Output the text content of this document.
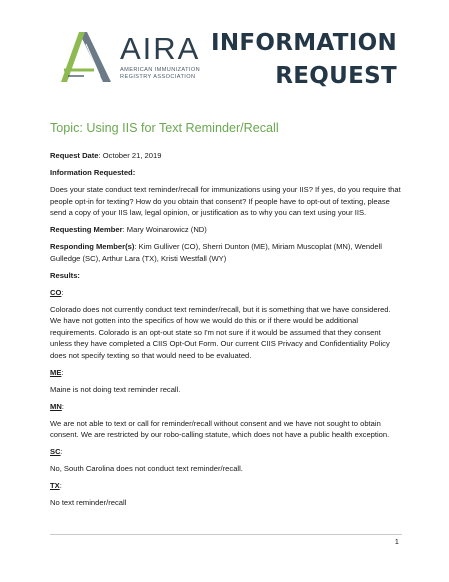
AIRA
AMERICAN IMMUNIZATION
REGISTRY ASSOCIATION
INFORMATION
REQUEST
Topic: Using IIS for Text Reminder/Recall

Request Date: October 21, 2019

Information Requested:

Does your state conduct text reminder/recall for immunizations using your IIS? If yes, do you require that people opt-in for texting? How do you obtain that consent? If people have to opt-out of texting, please send a copy of your IIS law, legal opinion, or justification as to why you can text using your IIS.

Requesting Member: Mary Woinarowicz (ND)

Responding Member(s): Kim Gulliver (CO), Sherri Dunton (ME), Miriam Muscoplat (MN), Wendell Gulledge (SC), Arthur Lara (TX), Kristi Westfall (WY)

Results:

CO:

Colorado does not currently conduct text reminder/recall, but it is something that we have considered. We have not gotten into the specifics of how we would do this or if there would be additional requirements. Colorado is an opt-out state so I'm not sure if it would be assumed that they consent unless they have completed a CIIS Opt-Out Form. Our current CIIS Privacy and Confidentiality Policy does not specify texting so that would need to be evaluated.

ME:

Maine is not doing text reminder recall.

MN:

We are not able to text or call for reminder/recall without consent and we have not sought to obtain consent. We are restricted by our robo-calling statute, which does not have a public health exception.

SC:

No, South Carolina does not conduct text reminder/recall.

TX:

No text reminder/recall

1
